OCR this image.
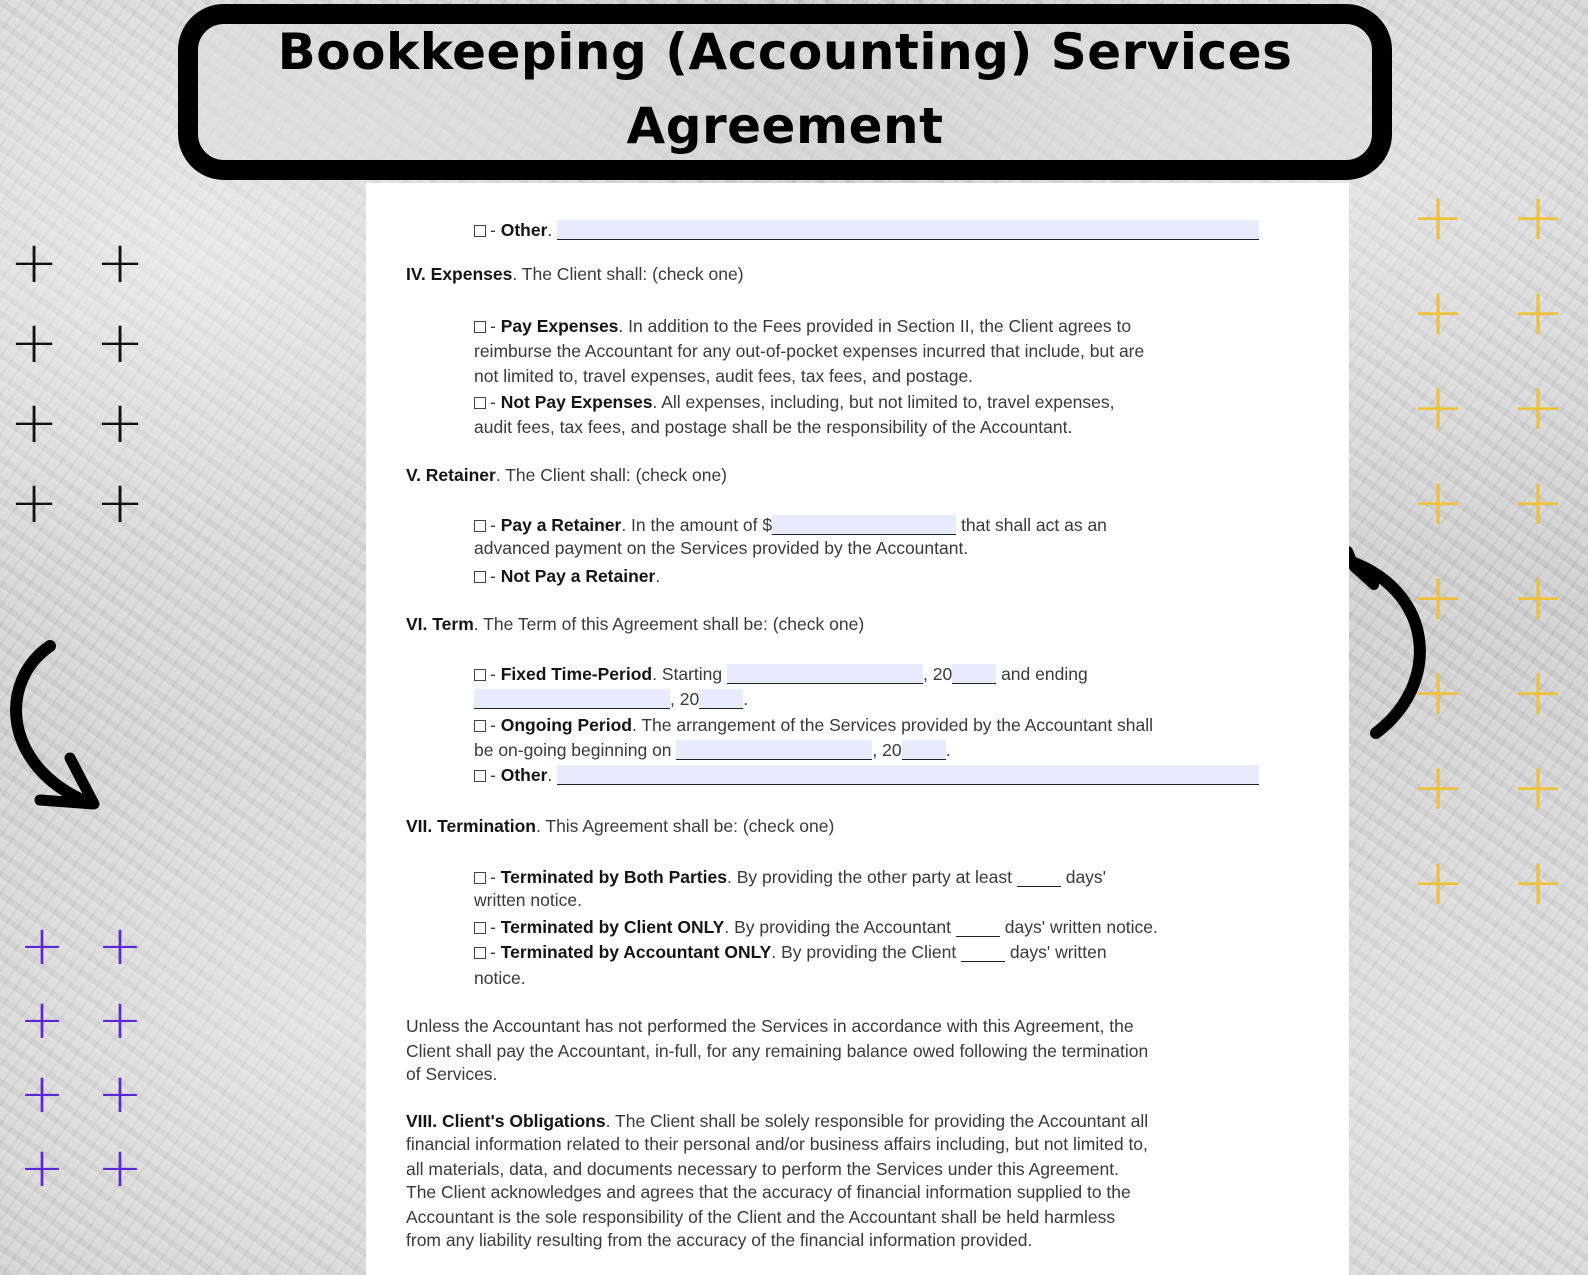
Bookkeeping (Accounting) Services
Agreement
+ +
+ +
+ +
+ +
+ +
+ +
+ +
+ +
+ +
+ +
+ +
+ +
+ +
+ +
+ +
+ +
- Other.
IV. Expenses. The Client shall: (check one)
- Pay Expenses. In addition to the Fees provided in Section II, the Client agrees to
reimburse the Accountant for any out-of-pocket expenses incurred that include, but are
not limited to, travel expenses, audit fees, tax fees, and postage.
- Not Pay Expenses. All expenses, including, but not limited to, travel expenses,
audit fees, tax fees, and postage shall be the responsibility of the Accountant.
V. Retainer. The Client shall: (check one)
- Pay a Retainer. In the amount of $	that shall act as an
advanced payment on the Services provided by the Accountant.
- Not Pay a Retainer.
VI. Term. The Term of this Agreement shall be: (check one)
- Fixed Time-Period. Starting	, 20	and ending
, 20	.
- Ongoing Period. The arrangement of the Services provided by the Accountant shall
be on-going beginning on	, 20	.
- Other.
VII. Termination. This Agreement shall be: (check one)
- Terminated by Both Parties. By providing the other party at least	days'
written notice.
- Terminated by Client ONLY. By providing the Accountant	days' written notice.
- Terminated by Accountant ONLY. By providing the Client	days' written
notice.
Unless the Accountant has not performed the Services in accordance with this Agreement, the
Client shall pay the Accountant, in-full, for any remaining balance owed following the termination
of Services.
VIII. Client's Obligations. The Client shall be solely responsible for providing the Accountant all
financial information related to their personal and/or business affairs including, but not limited to,
all materials, data, and documents necessary to perform the Services under this Agreement.
The Client acknowledges and agrees that the accuracy of financial information supplied to the
Accountant is the sole responsibility of the Client and the Accountant shall be held harmless
from any liability resulting from the accuracy of the financial information provided.
